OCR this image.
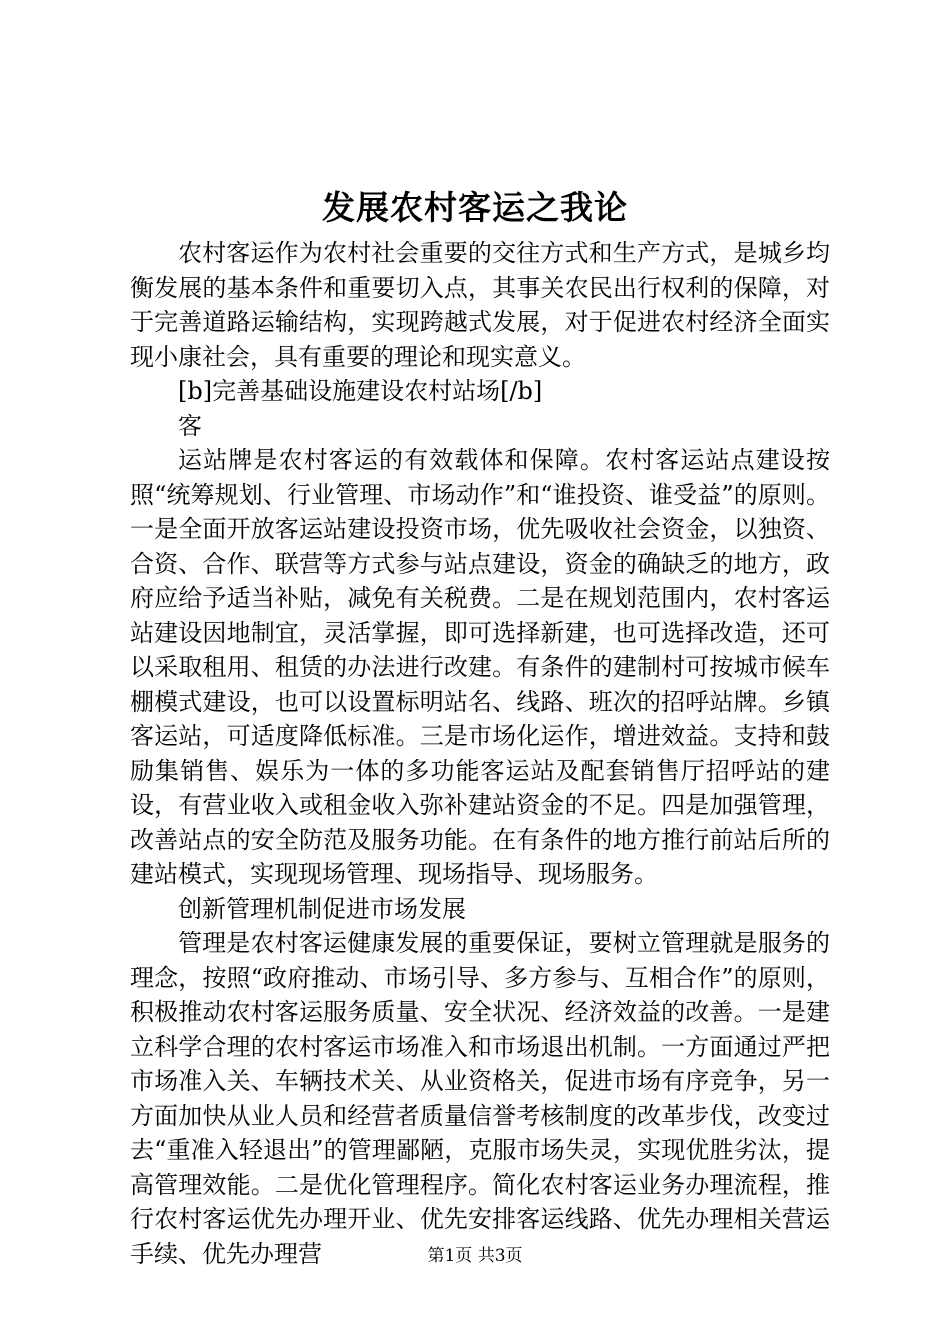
发展农村客运之我论

农村客运作为农村社会重要的交往方式和生产方式，是城乡均衡发展的基本条件和重要切入点，其事关农民出行权利的保障，对于完善道路运输结构，实现跨越式发展，对于促进农村经济全面实现小康社会，具有重要的理论和现实意义。

[b]完善基础设施建设农村站场[/b]

客

运站牌是农村客运的有效载体和保障。农村客运站点建设按照“统筹规划、行业管理、市场动作”和“谁投资、谁受益”的原则。一是全面开放客运站建设投资市场，优先吸收社会资金，以独资、合资、合作、联营等方式参与站点建设，资金的确缺乏的地方，政府应给予适当补贴，减免有关税费。二是在规划范围内，农村客运站建设因地制宜，灵活掌握，即可选择新建，也可选择改造，还可以采取租用、租赁的办法进行改建。有条件的建制村可按城市候车棚模式建设，也可以设置标明站名、线路、班次的招呼站牌。乡镇客运站，可适度降低标准。三是市场化运作，增进效益。支持和鼓励集销售、娱乐为一体的多功能客运站及配套销售厅招呼站的建设，有营业收入或租金收入弥补建站资金的不足。四是加强管理，改善站点的安全防范及服务功能。在有条件的地方推行前站后所的建站模式，实现现场管理、现场指导、现场服务。

创新管理机制促进市场发展

管理是农村客运健康发展的重要保证，要树立管理就是服务的理念，按照“政府推动、市场引导、多方参与、互相合作”的原则，积极推动农村客运服务质量、安全状况、经济效益的改善。一是建立科学合理的农村客运市场准入和市场退出机制。一方面通过严把市场准入关、车辆技术关、从业资格关，促进市场有序竞争，另一方面加快从业人员和经营者质量信誉考核制度的改革步伐，改变过去“重准入轻退出”的管理鄙陋，克服市场失灵，实现优胜劣汰，提高管理效能。二是优化管理程序。简化农村客运业务办理流程，推行农村客运优先办理开业、优先安排客运线路、优先办理相关营运手续、优先办理营	第1页 共3页
